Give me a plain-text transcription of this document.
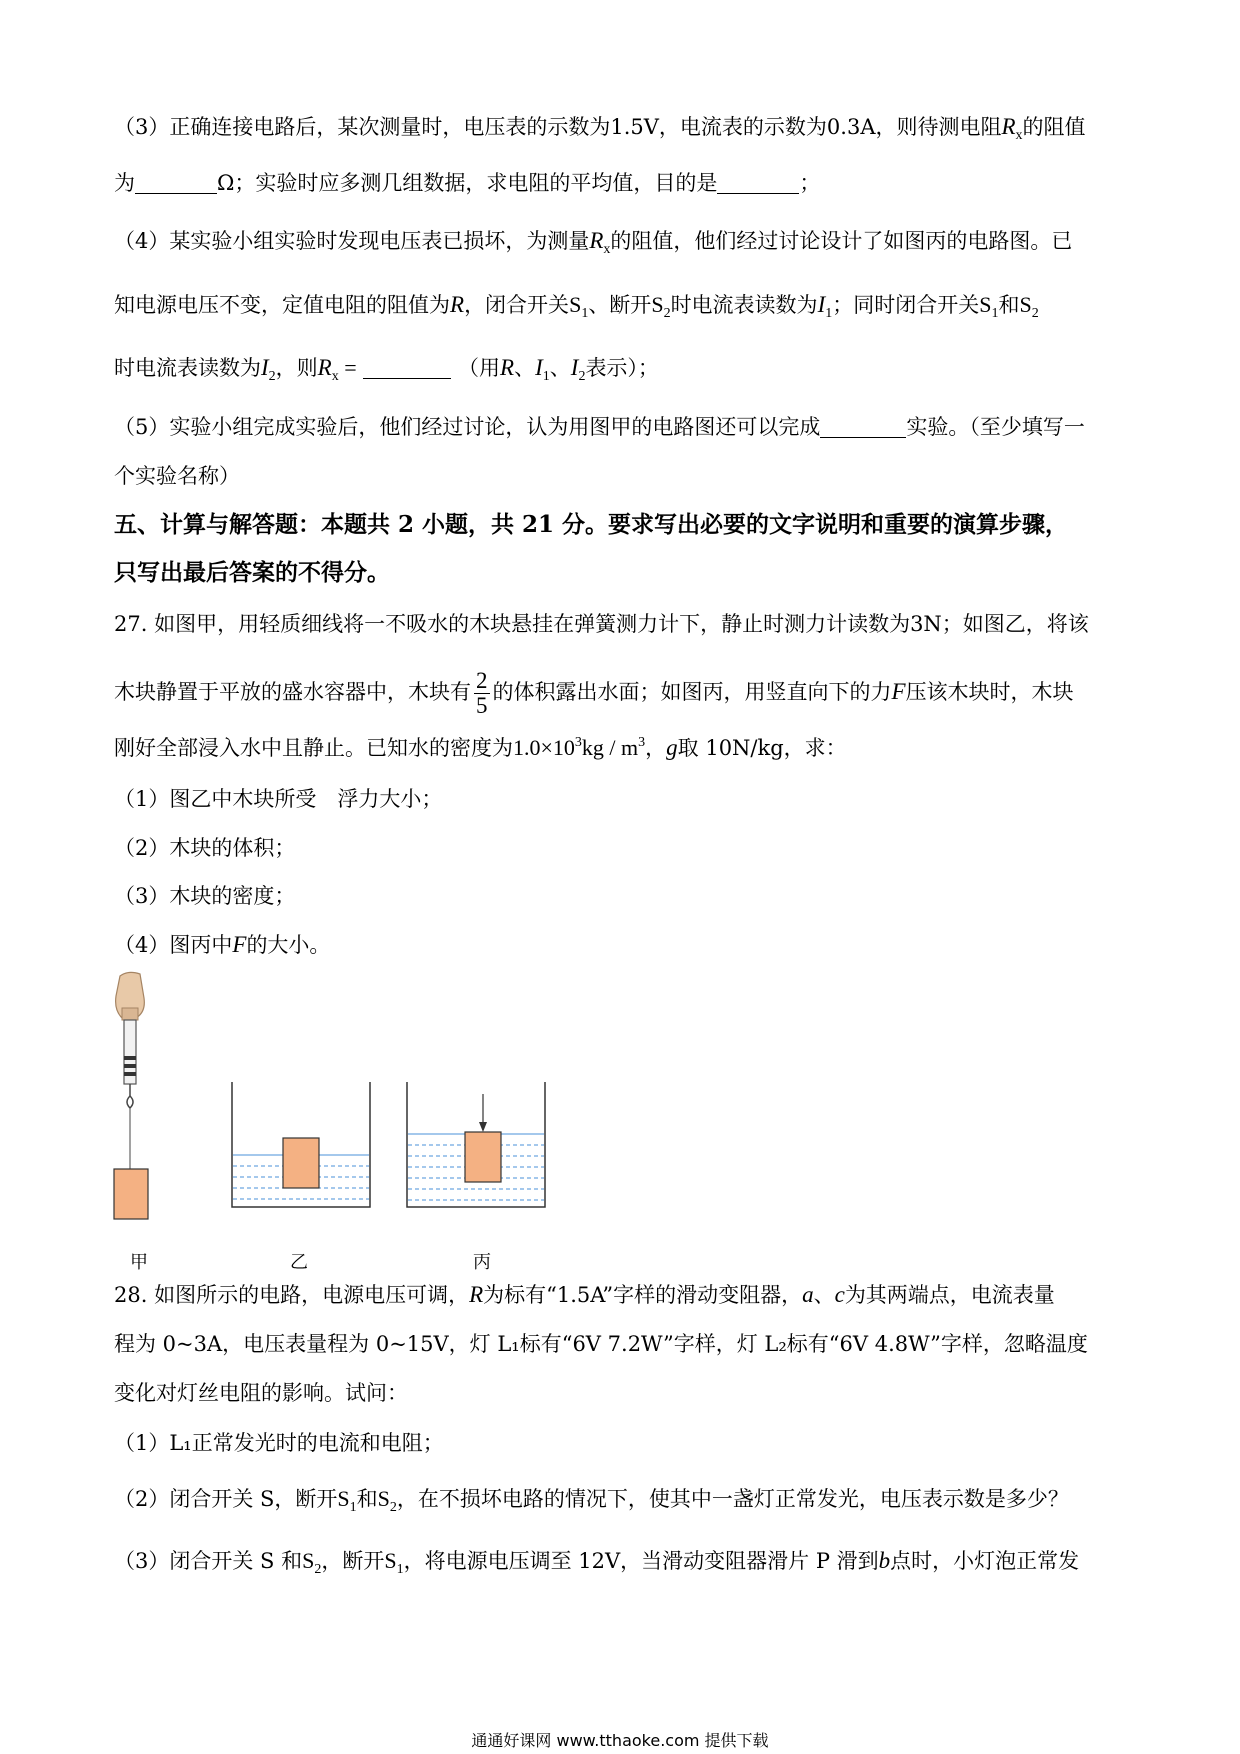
（3）正确连接电路后，某次测量时，电压表的示数为1.5V，电流表的示数为0.3A，则待测电阻$R_x$的阻值
为	Ω；实验时应多测几组数据，求电阻的平均值，目的是	；
（4）某实验小组实验时发现电压表已损坏，为测量$R_x$的阻值，他们经过讨论设计了如图丙的电路图。已
知电源电压不变，定值电阻的阻值为R，闭合开关$S_1$、断开$S_2$时电流表读数为$I_1$；同时闭合开关$S_1$和$S_2$
时电流表读数为$I_2$，则$R_x$ =	（用R、$I_1$、$I_2$表示）；
（5）实验小组完成实验后，他们经过讨论，认为用图甲的电路图还可以完成	实验。（至少填写一
个实验名称）
五、计算与解答题：本题共 2 小题，共 21 分。要求写出必要的文字说明和重要的演算步骤，
只写出最后答案的不得分。
27. 如图甲，用轻质细线将一不吸水的木块悬挂在弹簧测力计下，静止时测力计读数为3N；如图乙，将该
木块静置于平放的盛水容器中，木块有 $\frac{2}{5}$ 的体积露出水面；如图丙，用竖直向下的力F压该木块时，木块
刚好全部浸入水中且静止。已知水的密度为$1.0\times 10^3kg / m^3$，g取 10N/kg，求：
（1）图乙中木块所受　浮力大小；
（2）木块的体积；
（3）木块的密度；
（4）图丙中F的大小。
甲	乙	丙
28. 如图所示的电路，电源电压可调，R为标有“1.5A”字样的滑动变阻器，a、c为其两端点，电流表量
程为 0~3A，电压表量程为 0~15V，灯 L₁标有“6V 7.2W”字样，灯 L₂标有“6V 4.8W”字样，忽略温度
变化对灯丝电阻的影响。试问：
（1）L₁正常发光时的电流和电阻；
（2）闭合开关 S，断开$S_1$和$S_2$，在不损坏电路的情况下，使其中一盏灯正常发光，电压表示数是多少？
（3）闭合开关 S 和$S_2$，断开$S_1$，将电源电压调至 12V，当滑动变阻器滑片 P 滑到b点时，小灯泡正常发
通通好课网 www.tthaoke.com 提供下载
